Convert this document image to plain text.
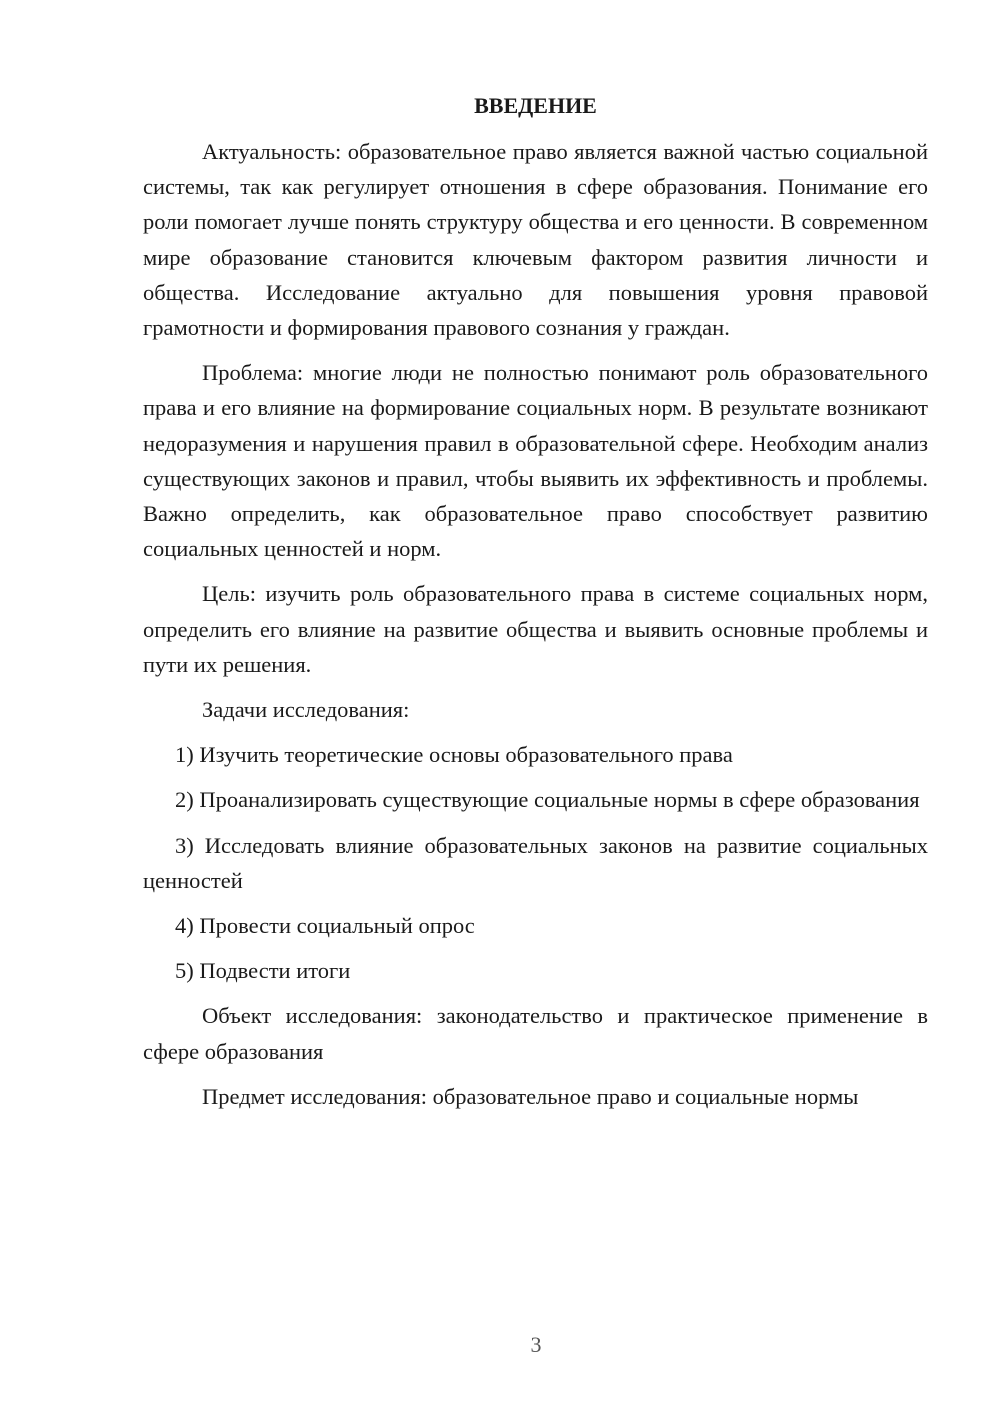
ВВЕДЕНИЕ

Актуальность: образовательное право является важной частью социальной системы, так как регулирует отношения в сфере образования. Понимание его роли помогает лучше понять структуру общества и его ценности. В современном мире образование становится ключевым фактором развития личности и общества. Исследование актуально для повышения уровня правовой грамотности и формирования правового сознания у граждан.

Проблема: многие люди не полностью понимают роль образовательного права и его влияние на формирование социальных норм. В результате возникают недоразумения и нарушения правил в образовательной сфере. Необходим анализ существующих законов и правил, чтобы выявить их эффективность и проблемы. Важно определить, как образовательное право способствует развитию социальных ценностей и норм.

Цель: изучить роль образовательного права в системе социальных норм, определить его влияние на развитие общества и выявить основные проблемы и пути их решения.

Задачи исследования:

1) Изучить теоретические основы образовательного права

2) Проанализировать существующие социальные нормы в сфере образования

3) Исследовать влияние образовательных законов на развитие социальных ценностей

4) Провести социальный опрос

5) Подвести итоги

Объект исследования: законодательство и практическое применение в сфере образования

Предмет исследования: образовательное право и социальные нормы

3
